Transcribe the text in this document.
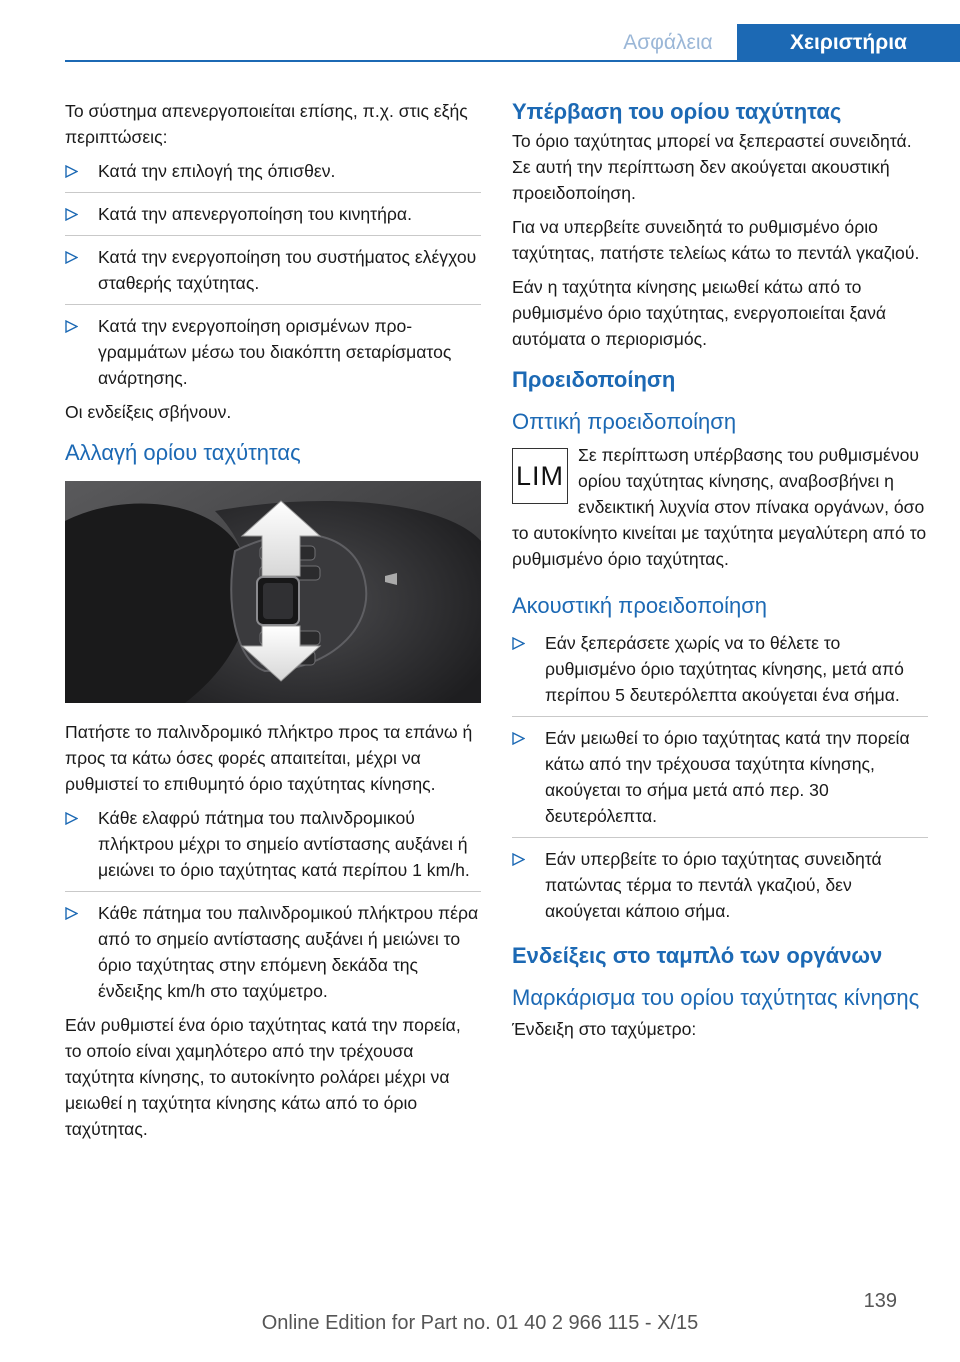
Ασφάλεια	Χειριστήρια

Το σύστημα απενεργοποιείται επίσης, π.χ. στις εξής περιπτώσεις:

Κατά την επιλογή της όπισθεν.
Κατά την απενεργοποίηση του κινητήρα.
Κατά την ενεργοποίηση του συστήματος ελέγχου σταθερής ταχύτητας.
Κατά την ενεργοποίηση ορισμένων προγραμμάτων μέσω του διακόπτη σεταρίσματος ανάρτησης.

Οι ενδείξεις σβήνουν.

Αλλαγή ορίου ταχύτητας

Πατήστε το παλινδρομικό πλήκτρο προς τα επάνω ή προς τα κάτω όσες φορές απαιτείται, μέχρι να ρυθμιστεί το επιθυμητό όριο ταχύτητας κίνησης.

Κάθε ελαφρύ πάτημα του παλινδρομικού πλήκτρου μέχρι το σημείο αντίστασης αυξάνει ή μειώνει το όριο ταχύτητας κατά περίπου 1 km/h.
Κάθε πάτημα του παλινδρομικού πλήκτρου πέρα από το σημείο αντίστασης αυξάνει ή μειώνει το όριο ταχύτητας στην επόμενη δεκάδα της ένδειξης km/h στο ταχύμετρο.

Εάν ρυθμιστεί ένα όριο ταχύτητας κατά την πορεία, το οποίο είναι χαμηλότερο από την τρέχουσα ταχύτητα κίνησης, το αυτοκίνητο ρολάρει μέχρι να μειωθεί η ταχύτητα κίνησης κάτω από το όριο ταχύτητας.

Υπέρβαση του ορίου ταχύτητας

Το όριο ταχύτητας μπορεί να ξεπεραστεί συνειδητά. Σε αυτή την περίπτωση δεν ακούγεται ακουστική προειδοποίηση.

Για να υπερβείτε συνειδητά το ρυθμισμένο όριο ταχύτητας, πατήστε τελείως κάτω το πεντάλ γκαζιού.

Εάν η ταχύτητα κίνησης μειωθεί κάτω από το ρυθμισμένο όριο ταχύτητας, ενεργοποιείται ξανά αυτόματα ο περιορισμός.

Προειδοποίηση
Οπτική προειδοποίηση
LIM

Σε περίπτωση υπέρβασης του ρυθμισμένου ορίου ταχύτητας κίνησης, αναβοσβήνει η ενδεικτική λυχνία στον πίνακα οργάνων, όσο το αυτοκίνητο κινείται με ταχύτητα μεγαλύτερη από το ρυθμισμένο όριο ταχύτητας.

Ακουστική προειδοποίηση
Εάν ξεπεράσετε χωρίς να το θέλετε το ρυθμισμένο όριο ταχύτητας κίνησης, μετά από περίπου 5 δευτερόλεπτα ακούγεται ένα σήμα.
Εάν μειωθεί το όριο ταχύτητας κατά την πορεία κάτω από την τρέχουσα ταχύτητα κίνησης, ακούγεται το σήμα μετά από περ. 30 δευτερόλεπτα.
Εάν υπερβείτε το όριο ταχύτητας συνειδητά πατώντας τέρμα το πεντάλ γκαζιού, δεν ακούγεται κάποιο σήμα.
Ενδείξεις στο ταμπλό των οργάνων
Μαρκάρισμα του ορίου ταχύτητας κίνησης

Ένδειξη στο ταχύμετρο:

139
Online Edition for Part no. 01 40 2 966 115 - X/15
